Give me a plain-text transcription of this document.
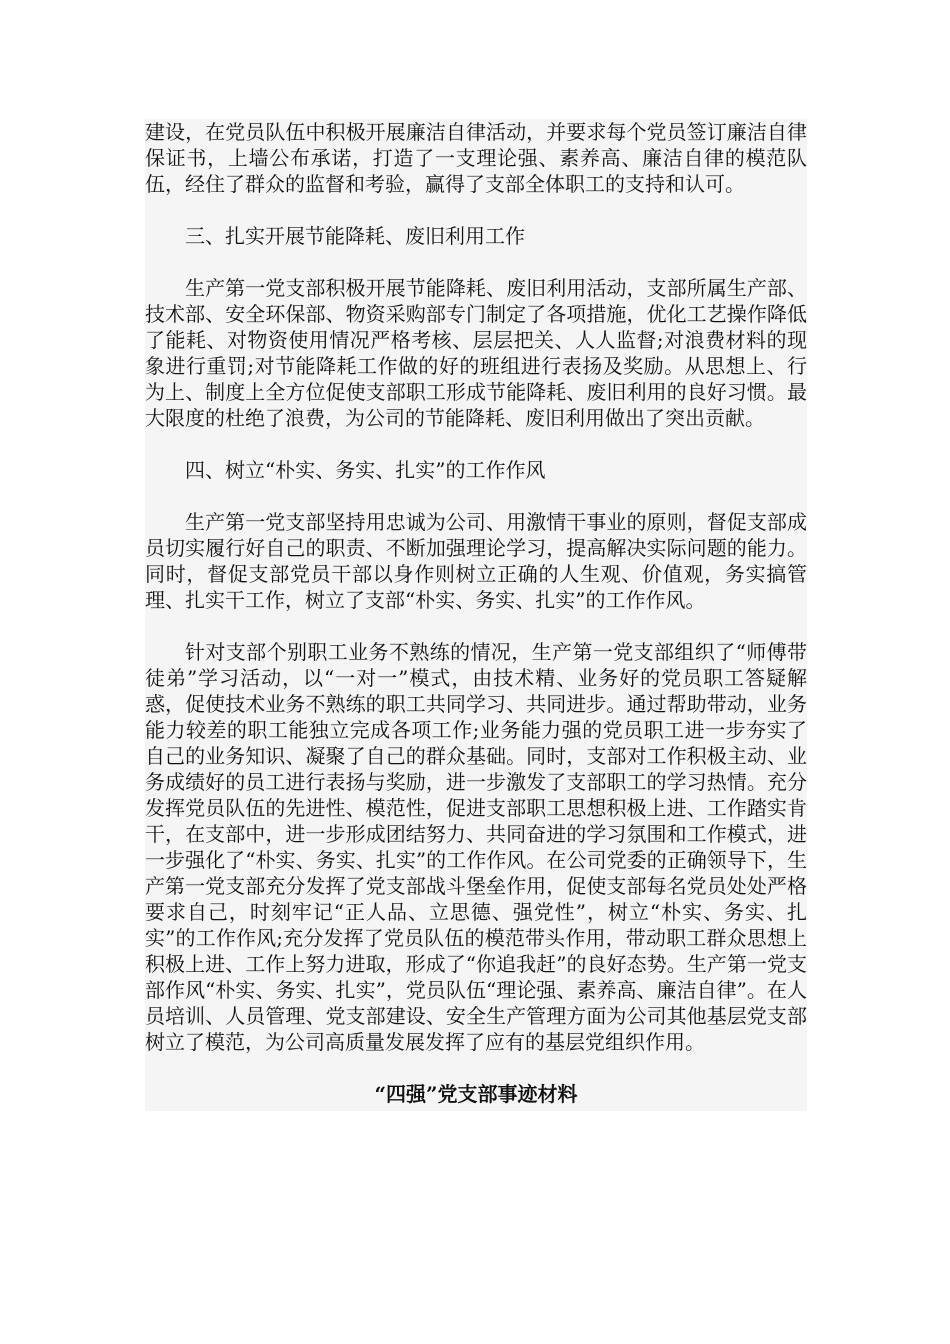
建设，在党员队伍中积极开展廉洁自律活动，并要求每个党员签订廉洁自律保证书，上墙公布承诺，打造了一支理论强、素养高、廉洁自律的模范队伍，经住了群众的监督和考验，赢得了支部全体职工的支持和认可。

三、扎实开展节能降耗、废旧利用工作

生产第一党支部积极开展节能降耗、废旧利用活动，支部所属生产部、技术部、安全环保部、物资采购部专门制定了各项措施，优化工艺操作降低了能耗、对物资使用情况严格考核、层层把关、人人监督;对浪费材料的现象进行重罚;对节能降耗工作做的好的班组进行表扬及奖励。从思想上、行为上、制度上全方位促使支部职工形成节能降耗、废旧利用的良好习惯。最大限度的杜绝了浪费，为公司的节能降耗、废旧利用做出了突出贡献。

四、树立“朴实、务实、扎实”的工作作风

生产第一党支部坚持用忠诚为公司、用激情干事业的原则，督促支部成员切实履行好自己的职责、不断加强理论学习，提高解决实际问题的能力。同时，督促支部党员干部以身作则树立正确的人生观、价值观，务实搞管理、扎实干工作，树立了支部“朴实、务实、扎实”的工作作风。

针对支部个别职工业务不熟练的情况，生产第一党支部组织了“师傅带徒弟”学习活动，以“一对一”模式，由技术精、业务好的党员职工答疑解惑，促使技术业务不熟练的职工共同学习、共同进步。通过帮助带动，业务能力较差的职工能独立完成各项工作;业务能力强的党员职工进一步夯实了自己的业务知识、凝聚了自己的群众基础。同时，支部对工作积极主动、业务成绩好的员工进行表扬与奖励，进一步激发了支部职工的学习热情。充分发挥党员队伍的先进性、模范性，促进支部职工思想积极上进、工作踏实肯干，在支部中，进一步形成团结努力、共同奋进的学习氛围和工作模式，进一步强化了“朴实、务实、扎实”的工作作风。在公司党委的正确领导下，生产第一党支部充分发挥了党支部战斗堡垒作用，促使支部每名党员处处严格要求自己，时刻牢记“正人品、立思德、强党性”，树立“朴实、务实、扎实”的工作作风;充分发挥了党员队伍的模范带头作用，带动职工群众思想上积极上进、工作上努力进取，形成了“你追我赶”的良好态势。生产第一党支部作风“朴实、务实、扎实”，党员队伍“理论强、素养高、廉洁自律”。在人员培训、人员管理、党支部建设、安全生产管理方面为公司其他基层党支部树立了模范，为公司高质量发展发挥了应有的基层党组织作用。

“四强”党支部事迹材料
